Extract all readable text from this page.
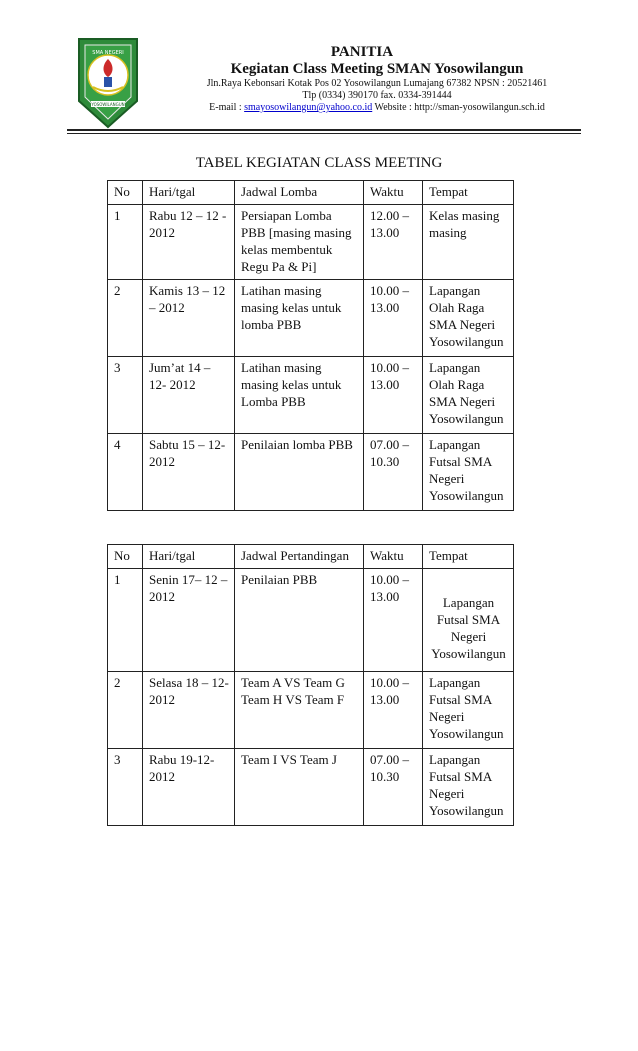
SMA NEGERI
YOSOWILANGUN
PANITIA
Kegiatan Class Meeting SMAN Yosowilangun
Jln.Raya Kebonsari Kotak Pos 02 Yosowilangun Lumajang 67382 NPSN : 20521461
Tlp (0334) 390170 fax. 0334-391444
E-mail : smayosowilangun@yahoo.co.id Website : http://sman-yosowilangun.sch.id
TABEL KEGIATAN CLASS MEETING
No	Hari/tgal	Jadwal Lomba	Waktu	Tempat
1	Rabu 12 – 12 - 2012	Persiapan Lomba PBB [masing masing kelas membentuk Regu Pa & Pi]	12.00 – 13.00	Kelas masing masing
2	Kamis 13 – 12 – 2012	Latihan masing masing kelas untuk lomba PBB	10.00 – 13.00	Lapangan Olah Raga SMA Negeri Yosowilangun
3	Jum’at 14 – 12- 2012	Latihan masing masing kelas untuk Lomba PBB	10.00 – 13.00	Lapangan Olah Raga SMA Negeri Yosowilangun
4	Sabtu 15 – 12- 2012	Penilaian lomba PBB	07.00 – 10.30	Lapangan Futsal SMA Negeri Yosowilangun
No	Hari/tgal	Jadwal Pertandingan	Waktu	Tempat
1	Senin 17– 12 – 2012	Penilaian PBB	10.00 – 13.00	Lapangan Futsal SMA Negeri Yosowilangun
2	Selasa 18 – 12- 2012	Team A VS Team G Team H VS Team F	10.00 – 13.00	Lapangan Futsal SMA Negeri Yosowilangun
3	Rabu 19-12- 2012	Team I VS Team J	07.00 – 10.30	Lapangan Futsal SMA Negeri Yosowilangun
